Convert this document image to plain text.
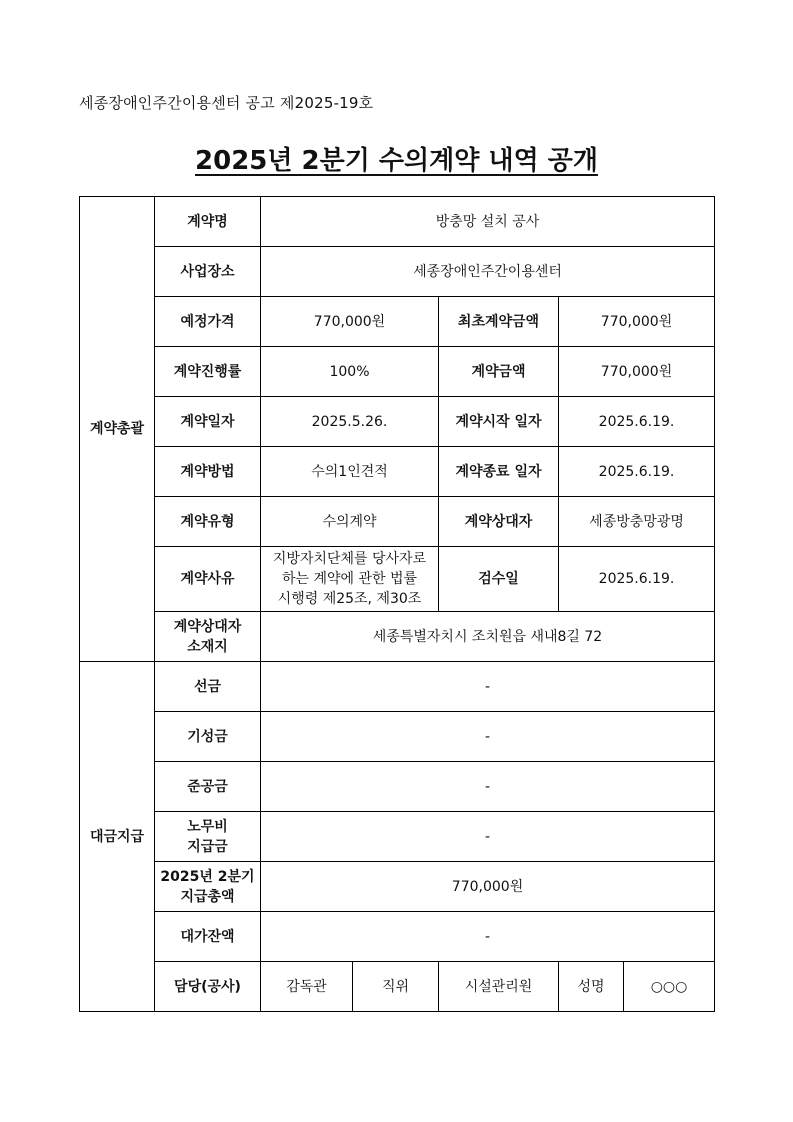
세종장애인주간이용센터 공고 제2025-19호
2025년 2분기 수의계약 내역 공개
계약총괄	계약명	방충망 설치 공사				
	사업장소	세종장애인주간이용센터				
	예정가격	770,000원		최초계약금액	770,000원	
	계약진행률	100%		계약금액	770,000원	
	계약일자	2025.5.26.		계약시작 일자	2025.6.19.	
	계약방법	수의1인견적		계약종료 일자	2025.6.19.	
	계약유형	수의계약		계약상대자	세종방충망광명	
	계약사유	지방자치단체를 당사자로
하는 계약에 관한 법률
시행령 제25조, 제30조		검수일	2025.6.19.	

	계약상대자
소재지	세종특별자치시 조치원읍 새내8길 72				
대금지급	선금	-				
	기성금	-				
	준공금	-				

	노무비
지급금	-				

	2025년 2분기
지급총액	770,000원				
	대가잔액	-				
	담당(공사)	감독관	직위	시설관리원	성명	○○○
